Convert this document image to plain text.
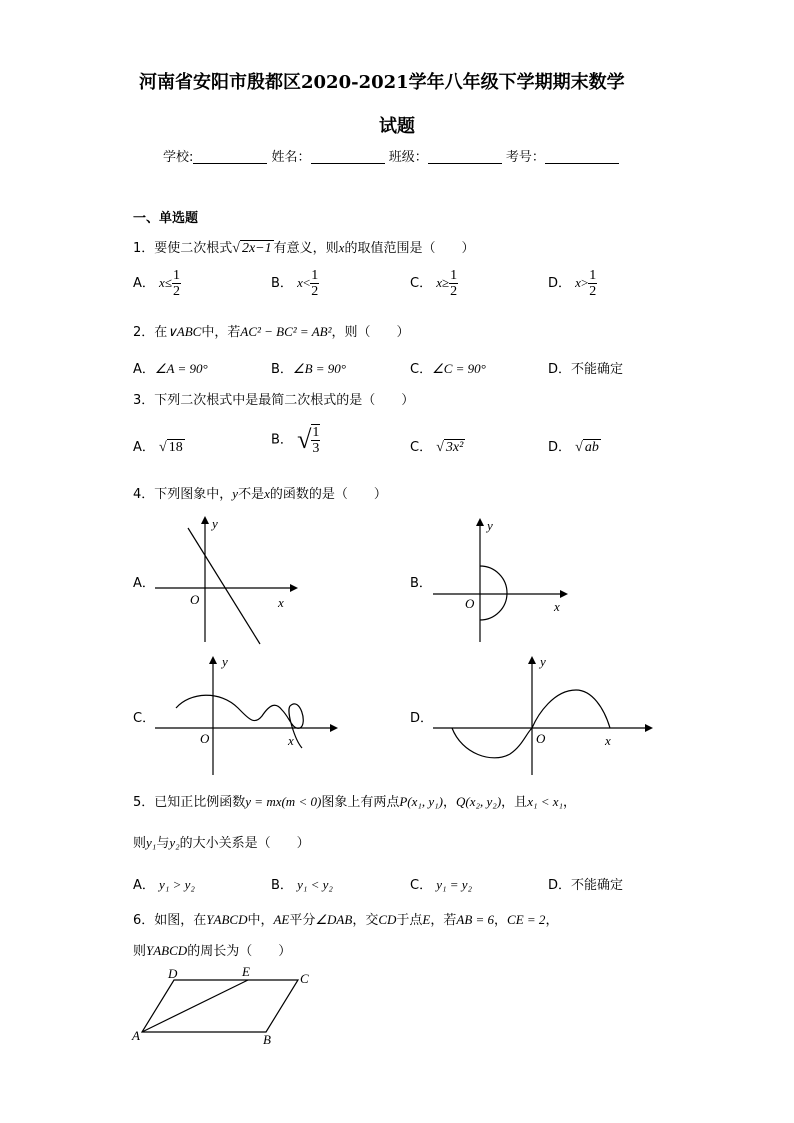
河南省安阳市殷都区2020-2021学年八年级下学期期末数学
试题
学校:	姓名：	班级：	考号：
一、单选题
1．要使二次根式√ 2x−1 有意义，则x的取值范围是（　　）
A． $x\le \frac{1}{2}$	B． $x< \frac{1}{2}$	C． $x\ge \frac{1}{2}$	D． $x> \frac{1}{2}$
2．在∨ABC中，若AC² − BC² = AB²，则（　　）
A．∠A = 90°	B．∠B = 90°	C．∠C = 90°	D．不能确定
3．下列二次根式中是最简二次根式的是（　　）
A． √ 18	B． √ $\frac{1}{3}$	C． √ 3x²	D． √ ab
4．下列图象中，y不是x的函数的是（　　）
A．
y
x
O
B．
y
x
O
C．
y
x
O
D．
y
x
O
5．已知正比例函数y = mx(m < 0)图象上有两点P(x₁, y₁)，Q(x₂, y₂)，且x₁ < x₁，
则y₁与y₂的大小关系是（　　）
A． y₁ > y₂	B． y₁ < y₂	C． y₁ = y₂	D．不能确定
6．如图，在ΥABCD中，AE平分∠DAB，交CD于点E，若AB = 6，CE = 2，
则ΥABCD的周长为（　　）
A	B
C
D	E
